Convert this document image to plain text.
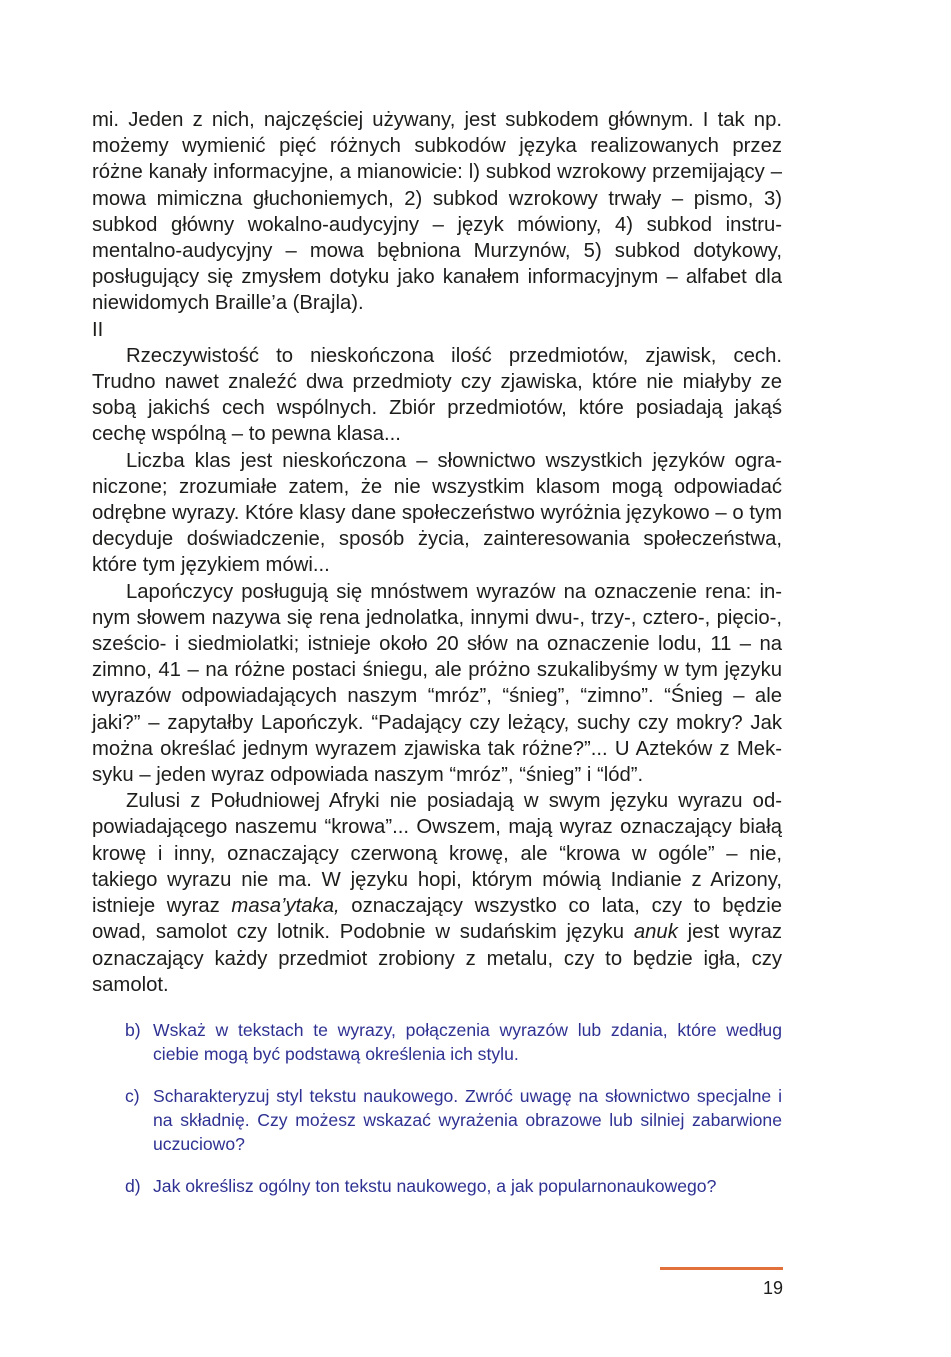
mi. Jeden z nich, najczęściej używany, jest subkodem głównym. I tak np. możemy wymienić pięć różnych subkodów języka realizowanych przez różne kanały informacyjne, a mianowicie: l) subkod wzrokowy przemijający – mowa mimiczna głuchoniemych, 2) subkod wzrokowy trwały – pismo, 3) subkod główny wokalno-audycyjny – język mówiony, 4) subkod instrumentalno-audycyjny – mowa bębniona Murzynów, 5) subkod dotykowy, posługujący się zmysłem dotyku jako kanałem informacyjnym – alfabet dla niewidomych Braille’a (Brajla).

II

Rzeczywistość to nieskończona ilość przedmiotów, zjawisk, cech. Trudno nawet znaleźć dwa przedmioty czy zjawiska, które nie miałyby ze sobą jakichś cech wspólnych. Zbiór przedmiotów, które posiadają jakąś cechę wspólną – to pewna klasa...

Liczba klas jest nieskończona – słownictwo wszystkich języków ograniczone; zrozumiałe zatem, że nie wszystkim klasom mogą odpowiadać odrębne wyrazy. Które klasy dane społeczeństwo wyróżnia językowo – o tym decyduje doświadczenie, sposób życia, zainteresowania społeczeństwa, które tym językiem mówi...

Lapończycy posługują się mnóstwem wyrazów na oznaczenie rena: innym słowem nazywa się rena jednolatka, innymi dwu-, trzy-, cztero-, pięcio-, sześcio- i siedmiolatki; istnieje około 20 słów na oznaczenie lodu, 11 – na zimno, 41 – na różne postaci śniegu, ale próżno szukalibyśmy w tym języku wyrazów odpowiadających naszym “mróz”, “śnieg”, “zimno”. “Śnieg – ale jaki?” – zapytałby Lapończyk. “Padający czy leżący, suchy czy mokry? Jak można określać jednym wyrazem zjawiska tak różne?”... U Azteków z Meksyku – jeden wyraz odpowiada naszym “mróz”, “śnieg” i “lód”.

Zulusi z Południowej Afryki nie posiadają w swym języku wyrazu odpowiadającego naszemu “krowa”... Owszem, mają wyraz oznaczający białą krowę i inny, oznaczający czerwoną krowę, ale “krowa w ogóle” – nie, takiego wyrazu nie ma. W języku hopi, którym mówią Indianie z Arizony, istnieje wyraz masa’ytaka, oznaczający wszystko co lata, czy to będzie owad, samolot czy lotnik. Podobnie w sudańskim języku anuk jest wyraz oznaczający każdy przedmiot zrobiony z metalu, czy to będzie igła, czy samolot.

b) Wskaż w tekstach te wyrazy, połączenia wyrazów lub zdania, które według ciebie mogą być podstawą określenia ich stylu.
c) Scharakteryzuj styl tekstu naukowego. Zwróć uwagę na słownictwo specjalne i na składnię. Czy możesz wskazać wyrażenia obrazowe lub silniej zabarwione uczuciowo?
d) Jak określisz ogólny ton tekstu naukowego, a jak popularnonaukowego?
19
